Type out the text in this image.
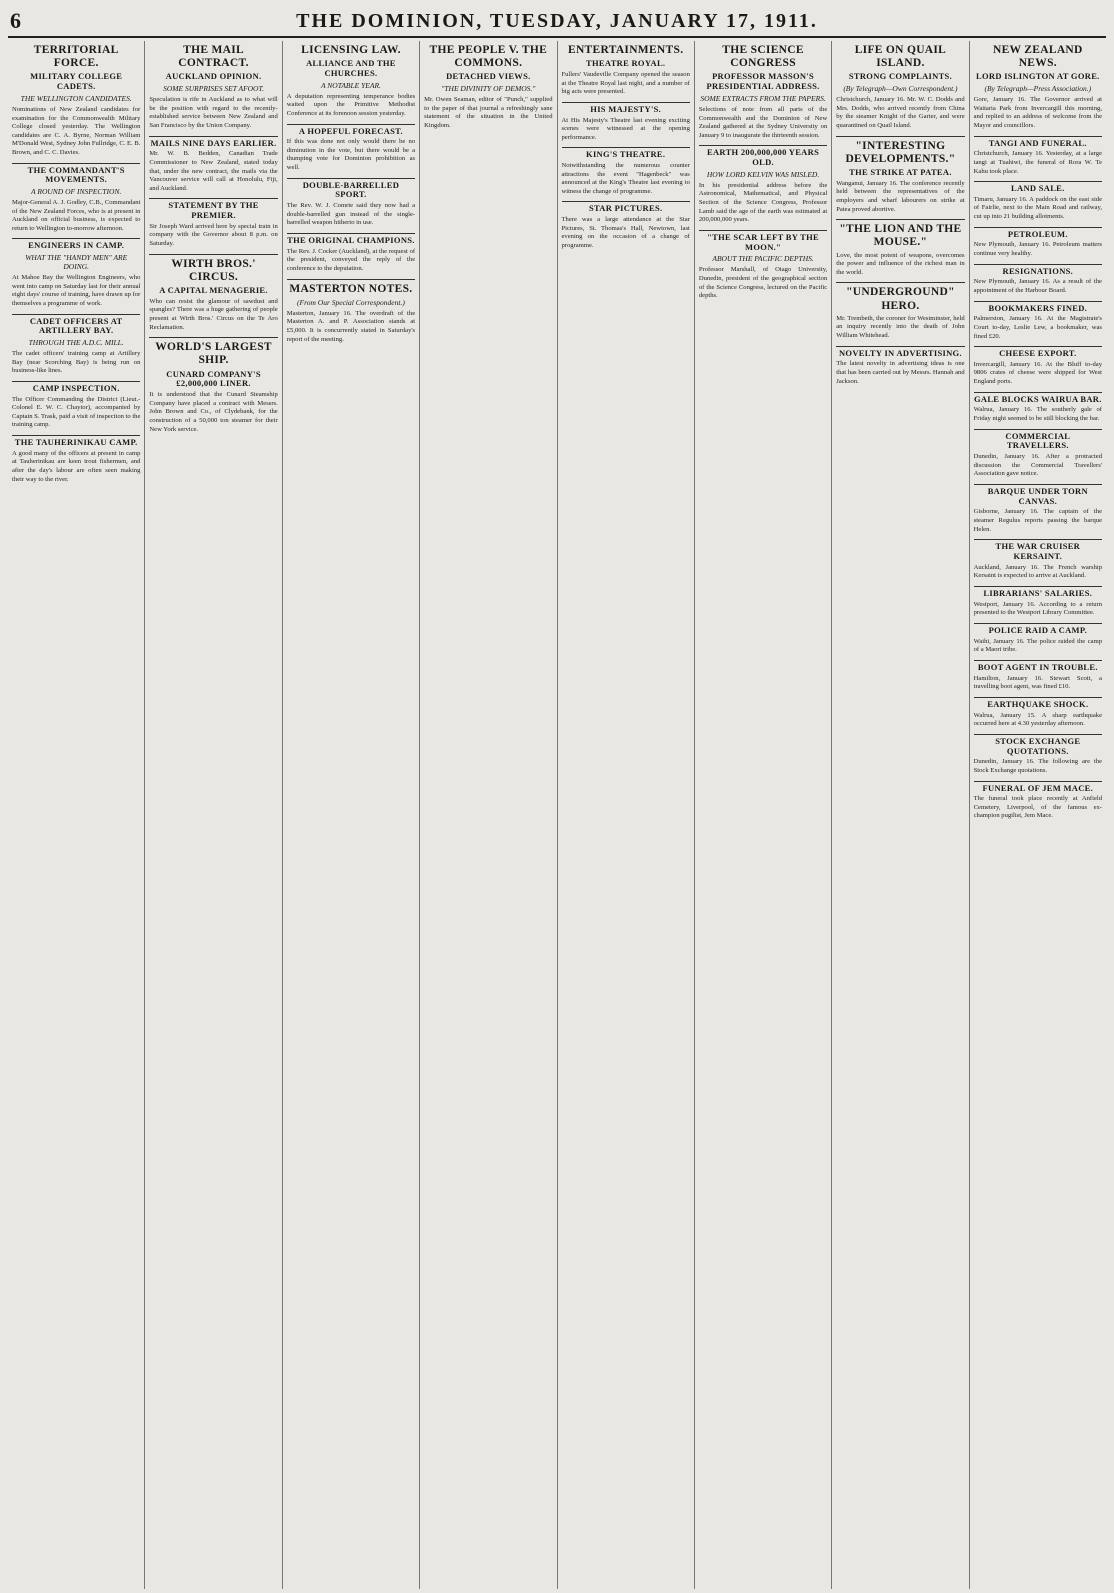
6	THE DOMINION, TUESDAY, JANUARY 17, 1911.
TERRITORIAL FORCE.
MILITARY COLLEGE CADETS.
THE WELLINGTON CANDIDATES.

Nominations of New Zealand candidates for examination for the Commonwealth Military College closed yesterday. The Wellington candidates are C. A. Byrne, Norman William M'Donald West, Sydney John Fullridge, C. E. B. Brown, and C. C. Davies.

THE COMMANDANT'S MOVEMENTS.
A ROUND OF INSPECTION.

Major-General A. J. Godley, C.B., Commandant of the New Zealand Forces, who is at present in Auckland on official business, is expected to return to Wellington to-morrow afternoon.

ENGINEERS IN CAMP.
WHAT THE "HANDY MEN" ARE DOING.

At Mahoe Bay the Wellington Engineers, who went into camp on Saturday last for their annual eight days' course of training, have drawn up for themselves a programme of work.

CADET OFFICERS AT ARTILLERY BAY.
THROUGH THE A.D.C. MILL.

The cadet officers' training camp at Artillery Bay (near Scorching Bay) is being run on business-like lines.

CAMP INSPECTION.

The Officer Commanding the District (Lieut.-Colonel E. W. C. Chaytor), accompanied by Captain S. Trask, paid a visit of inspection to the training camp.

THE TAUHERINIKAU CAMP.

A good many of the officers at present in camp at Tauherinikau are keen trout fishermen, and after the day's labour are often seen making their way to the river.

THE MAIL CONTRACT.
AUCKLAND OPINION.
SOME SURPRISES SET AFOOT.

Speculation is rife in Auckland as to what will be the position with regard to the recently-established service between New Zealand and San Francisco by the Union Company.

MAILS NINE DAYS EARLIER.

Mr. W. B. Bedden, Canadian Trade Commissioner to New Zealand, stated today that, under the new contract, the mails via the Vancouver service will call at Honolulu, Fiji, and Auckland.

STATEMENT BY THE PREMIER.

Sir Joseph Ward arrived here by special train in company with the Governor about 8 p.m. on Saturday.

WIRTH BROS.' CIRCUS.
A CAPITAL MENAGERIE.

Who can resist the glamour of sawdust and spangles? There was a huge gathering of people present at Wirth Bros.' Circus on the Te Aro Reclamation.

WORLD'S LARGEST SHIP.
CUNARD COMPANY'S £2,000,000 LINER.

It is understood that the Cunard Steamship Company have placed a contract with Messrs. John Brown and Co., of Clydebank, for the construction of a 50,000 ton steamer for their New York service.

LICENSING LAW.
ALLIANCE AND THE CHURCHES.
A NOTABLE YEAR.

A deputation representing temperance bodies waited upon the Primitive Methodist Conference at its forenoon session yesterday.

A HOPEFUL FORECAST.

If this was done not only would there be no diminution in the vote, but there would be a thumping vote for Dominion prohibition as well.

DOUBLE-BARRELLED SPORT.

The Rev. W. J. Comrie said they now had a double-barrelled gun instead of the single-barrelled weapon hitherto in use.

THE ORIGINAL CHAMPIONS.

The Rev. J. Cocker (Auckland), at the request of the president, conveyed the reply of the conference to the deputation.

MASTERTON NOTES.
(From Our Special Correspondent.)

Masterton, January 16. The overdraft of the Masterton A. and P. Association stands at £5,000. It is concurrently stated in Saturday's report of the meeting.

THE PEOPLE V. THE COMMONS.
DETACHED VIEWS.
"THE DIVINITY OF DEMOS."

Mr. Owen Seaman, editor of "Punch," supplied to the paper of that journal a refreshingly sane statement of the situation in the United Kingdom.

ENTERTAINMENTS.
THEATRE ROYAL.

Fullers' Vaudeville Company opened the season at the Theatre Royal last night, and a number of big acts were presented.

HIS MAJESTY'S.

At His Majesty's Theatre last evening exciting scenes were witnessed at the opening performance.

KING'S THEATRE.

Notwithstanding the numerous counter attractions the event "Hagenbeck" was announced at the King's Theatre last evening to witness the change of programme.

STAR PICTURES.

There was a large attendance at the Star Pictures, St. Thomas's Hall, Newtown, last evening on the occasion of a change of programme.

THE SCIENCE CONGRESS
PROFESSOR MASSON'S PRESIDENTIAL ADDRESS.
SOME EXTRACTS FROM THE PAPERS.

Selections of note from all parts of the Commonwealth and the Dominion of New Zealand gathered at the Sydney University on January 9 to inaugurate the thirteenth session.

EARTH 200,000,000 YEARS OLD.
HOW LORD KELVIN WAS MISLED.

In his presidential address before the Astronomical, Mathematical, and Physical Section of the Science Congress, Professor Lamb said the age of the earth was estimated at 200,000,000 years.

"THE SCAR LEFT BY THE MOON."
ABOUT THE PACIFIC DEPTHS.

Professor Marshall, of Otago University, Dunedin, president of the geographical section of the Science Congress, lectured on the Pacific depths.

LIFE ON QUAIL ISLAND.
STRONG COMPLAINTS.
(By Telegraph—Own Correspondent.)

Christchurch, January 16. Mr. W. C. Dodds and Mrs. Dodds, who arrived recently from China by the steamer Knight of the Garter, and were quarantined on Quail Island.

"INTERESTING DEVELOPMENTS."
THE STRIKE AT PATEA.

Wanganui, January 16. The conference recently held between the representatives of the employers and wharf labourers on strike at Patea proved abortive.

"THE LION AND THE MOUSE."

Love, the most potent of weapons, overcomes the power and influence of the richest man in the world.

"UNDERGROUND" HERO.

Mr. Trembeth, the coroner for Westminster, held an inquiry recently into the death of John William Whitehead.

NOVELTY IN ADVERTISING.

The latest novelty in advertising ideas is one that has been carried out by Messrs. Hannah and Jackson.

NEW ZEALAND NEWS.
LORD ISLINGTON AT GORE.
(By Telegraph—Press Association.)

Gore, January 16. The Governor arrived at Waitaria Park from Invercargill this morning, and replied to an address of welcome from the Mayor and councillors.

TANGI AND FUNERAL.

Christchurch, January 16. Yesterday, at a large tangi at Tuahiwi, the funeral of Rora W. Te Kahu took place.

LAND SALE.

Timaru, January 16. A paddock on the east side of Fairlie, next to the Main Road and railway, cut up into 21 building allotments.

PETROLEUM.

New Plymouth, January 16. Petroleum matters continue very healthy.

RESIGNATIONS.

New Plymouth, January 16. As a result of the appointment of the Harbour Board.

BOOKMAKERS FINED.

Palmerston, January 16. At the Magistrate's Court to-day, Leslie Lew, a bookmaker, was fined £20.

CHEESE EXPORT.

Invercargill, January 16. At the Bluff to-day 9806 crates of cheese were shipped for West England ports.

GALE BLOCKS WAIRUA BAR.

Walrua, January 16. The southerly gale of Friday night seemed to be still blocking the bar.

COMMERCIAL TRAVELLERS.

Dunedin, January 16. After a protracted discussion the Commercial Travellers' Association gave notice.

BARQUE UNDER TORN CANVAS.

Gisborne, January 16. The captain of the steamer Regulus reports passing the barque Helen.

THE WAR CRUISER KERSAINT.

Auckland, January 16. The French warship Kersaint is expected to arrive at Auckland.

LIBRARIANS' SALARIES.

Westport, January 16. According to a return presented to the Westport Library Committee.

POLICE RAID A CAMP.

Waihi, January 16. The police raided the camp of a Maori tribe.

BOOT AGENT IN TROUBLE.

Hamilton, January 16. Stewart Scott, a travelling boot agent, was fined £10.

EARTHQUAKE SHOCK.

Walrua, January 15. A sharp earthquake occurred here at 4.30 yesterday afternoon.

STOCK EXCHANGE QUOTATIONS.

Dunedin, January 16. The following are the Stock Exchange quotations.

FUNERAL OF JEM MACE.

The funeral took place recently at Anfield Cemetery, Liverpool, of the famous ex-champion pugilist, Jem Mace.
